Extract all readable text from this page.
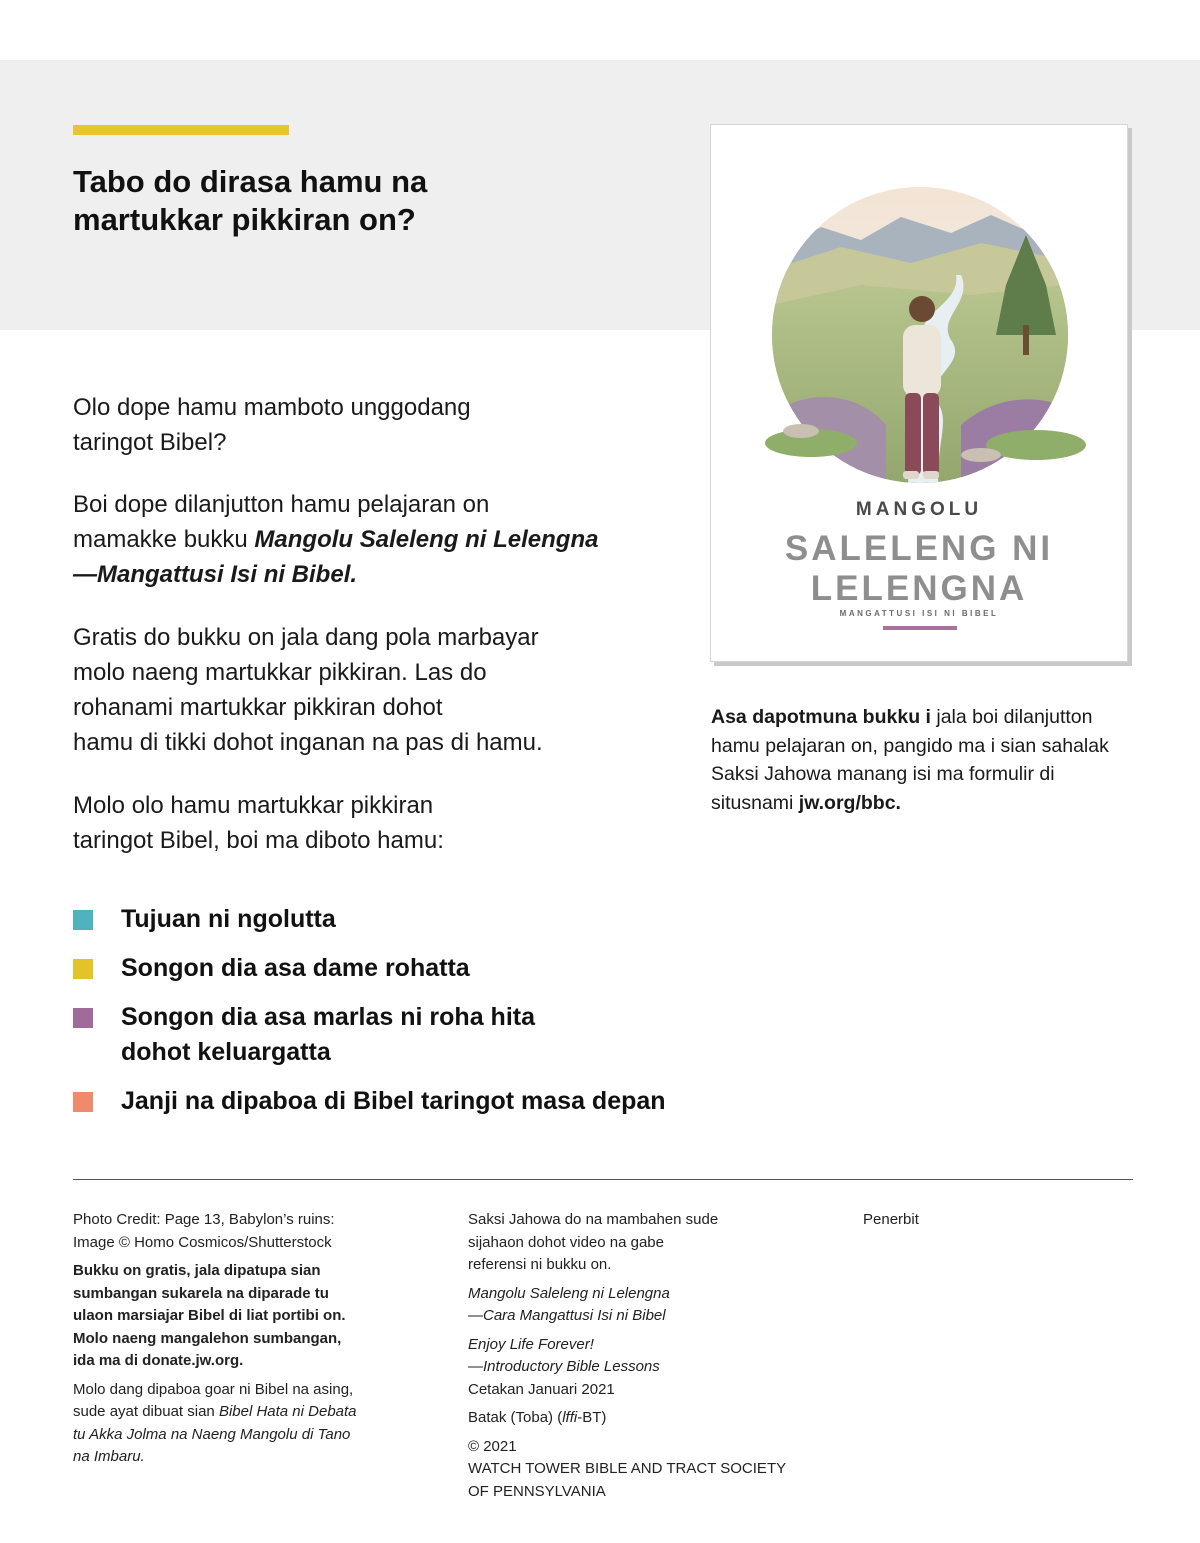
Tabo do dirasa hamu na
martukkar pikkiran on?
MANGOLU
SALELENG NI
LELENGNA
MANGATTUSI ISI NI BIBEL

Asa dapotmuna bukku i jala boi dilanjutton hamu pelajaran on, pangido ma i sian sahalak Saksi Jahowa manang isi ma formulir di situsnami jw.org/bbc.

Olo dope hamu mamboto unggodang
taringot Bibel?

Boi dope dilanjutton hamu pelajaran on
mamakke bukku Mangolu Saleleng ni Lelengna
—Mangattusi Isi ni Bibel.

Gratis do bukku on jala dang pola marbayar
molo naeng martukkar pikkiran. Las do
rohanami martukkar pikkiran dohot
hamu di tikki dohot inganan na pas di hamu.

Molo olo hamu martukkar pikkiran
taringot Bibel, boi ma diboto hamu:

Tujuan ni ngolutta
Songon dia asa dame rohatta
Songon dia asa marlas ni roha hita
dohot keluargatta
Janji na dipaboa di Bibel taringot masa depan

Photo Credit: Page 13, Babylon’s ruins:
Image © Homo Cosmicos/Shutterstock

Bukku on gratis, jala dipatupa sian
sumbangan sukarela na diparade tu
ulaon marsiajar Bibel di liat portibi on.
Molo naeng mangalehon sumbangan,
ida ma di donate.jw.org.

Molo dang dipaboa goar ni Bibel na asing,
sude ayat dibuat sian Bibel Hata ni Debata
tu Akka Jolma na Naeng Mangolu di Tano
na Imbaru.

Saksi Jahowa do na mambahen sude
sijahaon dohot video na gabe
referensi ni bukku on.

Mangolu Saleleng ni Lelengna
—Cara Mangattusi Isi ni Bibel

Enjoy Life Forever!
—Introductory Bible Lessons

Cetakan Januari 2021

Batak (Toba) (lffi-BT)

© 2021
WATCH TOWER BIBLE AND TRACT SOCIETY
OF PENNSYLVANIA

Penerbit
